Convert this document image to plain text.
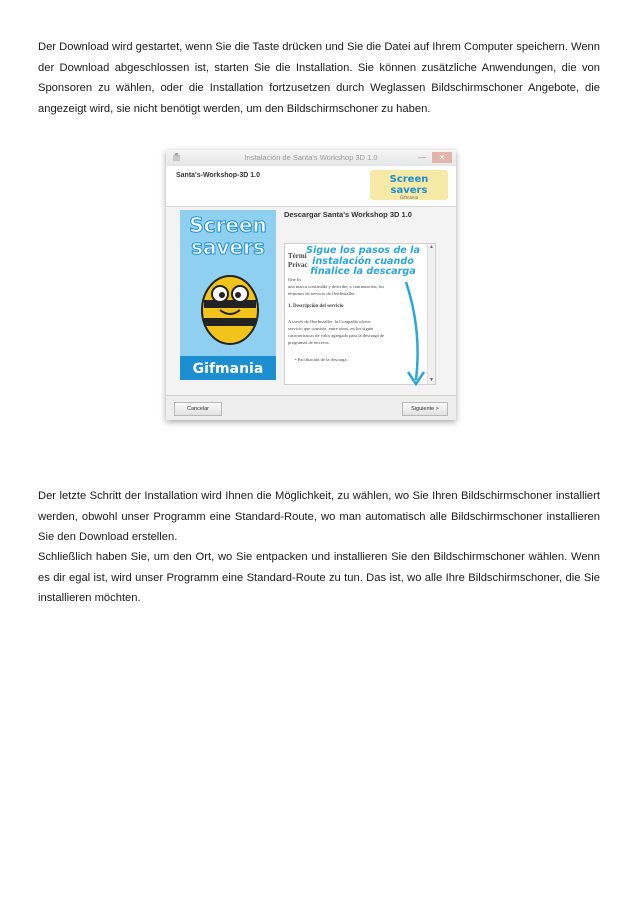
Der Download wird gestartet, wenn Sie die Taste drücken und Sie die Datei auf Ihrem Computer speichern. Wenn der Download abgeschlossen ist, starten Sie die Installation. Sie können zusätzliche Anwendungen, die von Sponsoren zu wählen, oder die Installation fortzusetzen durch Weglassen Bildschirmschoner Angebote, die angezeigt wird, sie nicht benötigt werden, um den Bildschirmschoner zu haben.

Instalación de Santa's Workshop 3D 1.0	—	✕
Santa's-Workshop-3D 1.0	Screen
savers
Gifmania
Screen
savers
Gifmania
Descargar Santa's Workshop 3D 1.0
Térmi
Privac
One In
una marca construida y describe, a continuación, los
términos de servicio de OneInstaller.
1. Descripción del servicio
A través de OneInstaller, la Compañía ofrece
servicio que consiste, entre otros, en los siguie
características de valor agregado para la descarga de
programas de terceros.
• Facilitación de la descarga.
▲
▼
Sigue los pasos de la
instalación cuando
finalice la descarga
Cancelar	Siguiente >

Der letzte Schritt der Installation wird Ihnen die Möglichkeit, zu wählen, wo Sie Ihren Bildschirmschoner installiert werden, obwohl unser Programm eine Standard-Route, wo man automatisch alle Bildschirmschoner installieren Sie den Download erstellen.

Schließlich haben Sie, um den Ort, wo Sie entpacken und installieren Sie den Bildschirmschoner wählen. Wenn es dir egal ist, wird unser Programm eine Standard-Route zu tun. Das ist, wo alle Ihre Bildschirmschoner, die Sie installieren möchten.
